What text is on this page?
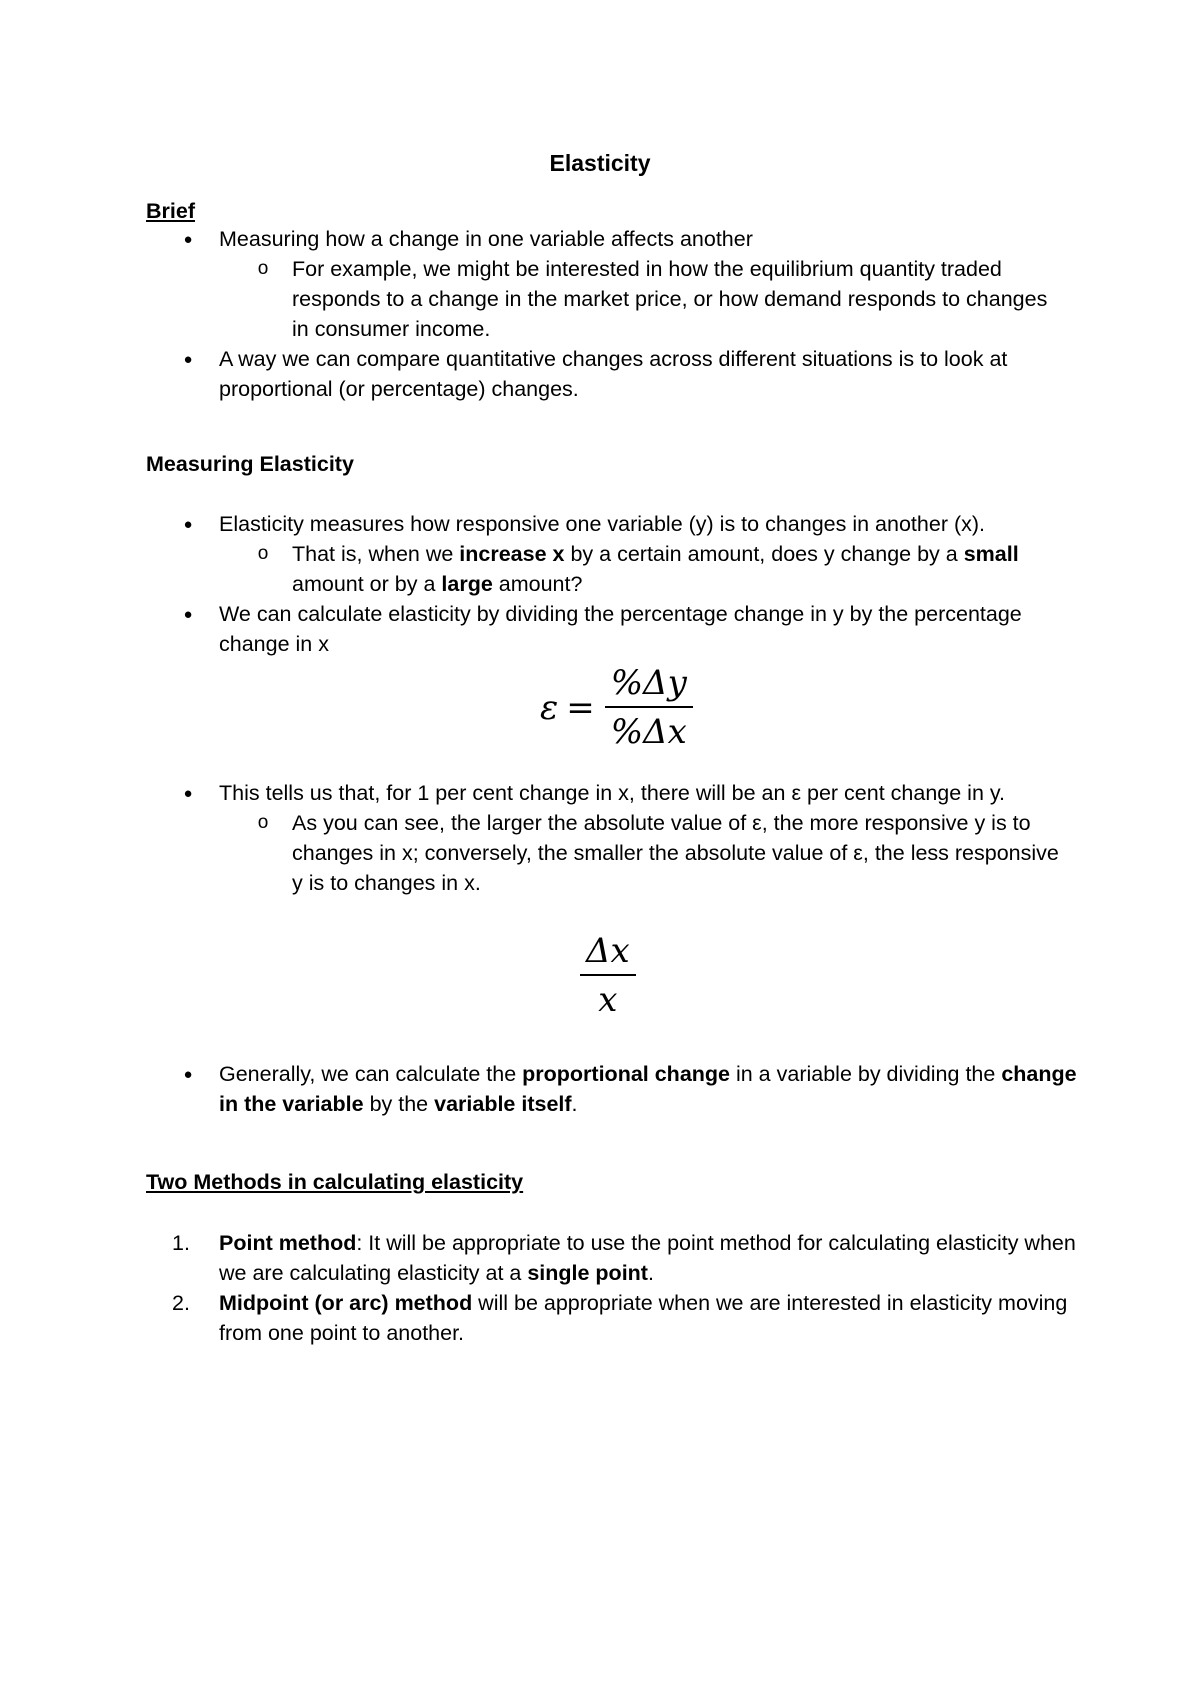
Elasticity
Brief
● Measuring how a change in one variable affects another

o For example, we might be interested in how the equilibrium quantity traded responds to a change in the market price, or how demand responds to changes in consumer income.

● A way we can compare quantitative changes across different situations is to look at proportional (or percentage) changes.

Measuring Elasticity
● Elasticity measures how responsive one variable (y) is to changes in another (x).

o That is, when we increase x by a certain amount, does y change by a small amount or by a large amount?

● We can calculate elasticity by dividing the percentage change in y by the percentage change in x

$\varepsilon = \frac{\%\Delta y}{\%\Delta x}$
● This tells us that, for 1 per cent change in x, there will be an ε per cent change in y.

o As you can see, the larger the absolute value of ε, the more responsive y is to changes in x; conversely, the smaller the absolute value of ε, the less responsive y is to changes in x.

$\frac{\Delta x}{x}$
● Generally, we can calculate the proportional change in a variable by dividing the change in the variable by the variable itself.

Two Methods in calculating elasticity
1.	Point method: It will be appropriate to use the point method for calculating elasticity when we are calculating elasticity at a single point.

2.	Midpoint (or arc) method will be appropriate when we are interested in elasticity moving from one point to another.
